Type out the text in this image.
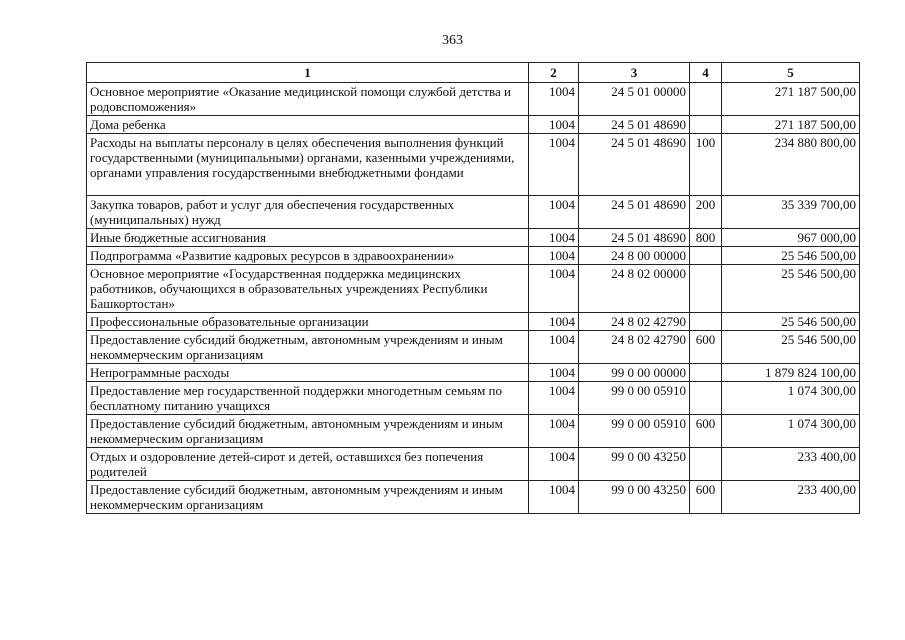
363
1	2	3	4	5
Основное мероприятие «Оказание медицинской помощи службой детства и родовспоможения»	1004	24 5 01 00000		271 187 500,00
Дома ребенка	1004	24 5 01 48690		271 187 500,00
Расходы на выплаты персоналу в целях обеспечения выполнения функций государственными (муниципальными) органами, казенными учреждениями, органами управления государственными внебюджетными фондами	1004	24 5 01 48690	100	234 880 800,00
Закупка товаров, работ и услуг для обеспечения государственных (муниципальных) нужд	1004	24 5 01 48690	200	35 339 700,00
Иные бюджетные ассигнования	1004	24 5 01 48690	800	967 000,00
Подпрограмма «Развитие кадровых ресурсов в здравоохранении»	1004	24 8 00 00000		25 546 500,00
Основное мероприятие «Государственная поддержка медицинских работников, обучающихся в образовательных учреждениях Республики Башкортостан»	1004	24 8 02 00000		25 546 500,00
Профессиональные образовательные организации	1004	24 8 02 42790		25 546 500,00
Предоставление субсидий бюджетным, автономным учреждениям и иным некоммерческим организациям	1004	24 8 02 42790	600	25 546 500,00
Непрограммные расходы	1004	99 0 00 00000		1 879 824 100,00
Предоставление мер государственной поддержки многодетным семьям по бесплатному питанию учащихся	1004	99 0 00 05910		1 074 300,00
Предоставление субсидий бюджетным, автономным учреждениям и иным некоммерческим организациям	1004	99 0 00 05910	600	1 074 300,00
Отдых и оздоровление детей-сирот и детей, оставшихся без попечения родителей	1004	99 0 00 43250		233 400,00
Предоставление субсидий бюджетным, автономным учреждениям и иным некоммерческим организациям	1004	99 0 00 43250	600	233 400,00
